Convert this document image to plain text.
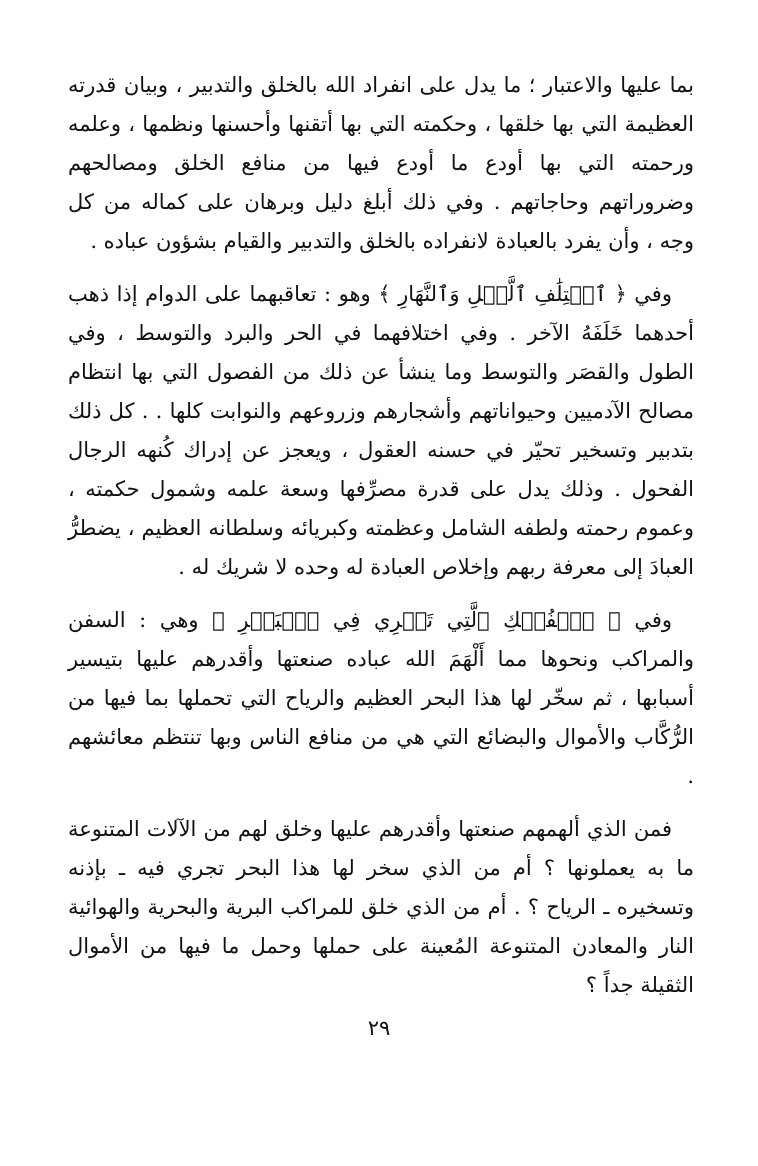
بما عليها والاعتبار ؛ ما يدل على انفراد الله بالخلق والتدبير ، وبيان قدرته العظيمة التي بها خلقها ، وحكمته التي بها أتقنها وأحسنها ونظمها ، وعلمه ورحمته التي بها أودع ما أودع فيها من منافع الخلق ومصالحهم وضروراتهم وحاجاتهم . وفي ذلك أبلغ دليل وبرهان على كماله من كل وجه ، وأن يفرد بالعبادة لانفراده بالخلق والتدبير والقيام بشؤون عباده .

وفي ﴿ ٱخۡتِلَٰفِ ٱلَّيۡلِ وَٱلنَّهَارِ ﴾ وهو : تعاقبهما على الدوام إذا ذهب أحدهما خَلَفَهُ الآخر . وفي اختلافهما في الحر والبرد والتوسط ، وفي الطول والقصَر والتوسط وما ينشأ عن ذلك من الفصول التي بها انتظام مصالح الآدميين وحيواناتهم وأشجارهم وزروعهم والنوابت كلها . . كل ذلك بتدبير وتسخير تحيّر في حسنه العقول ، ويعجز عن إدراك كُنهه الرجال الفحول . وذلك يدل على قدرة مصرِّفها وسعة علمه وشمول حكمته ، وعموم رحمته ولطفه الشامل وعظمته وكبريائه وسلطانه العظيم ، يضطرُّ العبادَ إلى معرفة ربهم وإخلاص العبادة له وحده لا شريك له .

وفي ﴿ ٱلۡفُلۡكِ ٱلَّتِي تَجۡرِي فِي ٱلۡبَحۡرِ ﴾ وهي : السفن والمراكب ونحوها مما أَلْهَمَ الله عباده صنعتها وأقدرهم عليها بتيسير أسبابها ، ثم سخّر لها هذا البحر العظيم والرياح التي تحملها بما فيها من الرُّكَّاب والأموال والبضائع التي هي من منافع الناس وبها تنتظم معائشهم .

فمن الذي ألهمهم صنعتها وأقدرهم عليها وخلق لهم من الآلات المتنوعة ما به يعملونها ؟ أم من الذي سخر لها هذا البحر تجري فيه ـ بإذنه وتسخيره ـ الرياح ؟ . أم من الذي خلق للمراكب البرية والبحرية والهوائية النار والمعادن المتنوعة المُعينة على حملها وحمل ما فيها من الأموال الثقيلة جداً ؟

٢٩
